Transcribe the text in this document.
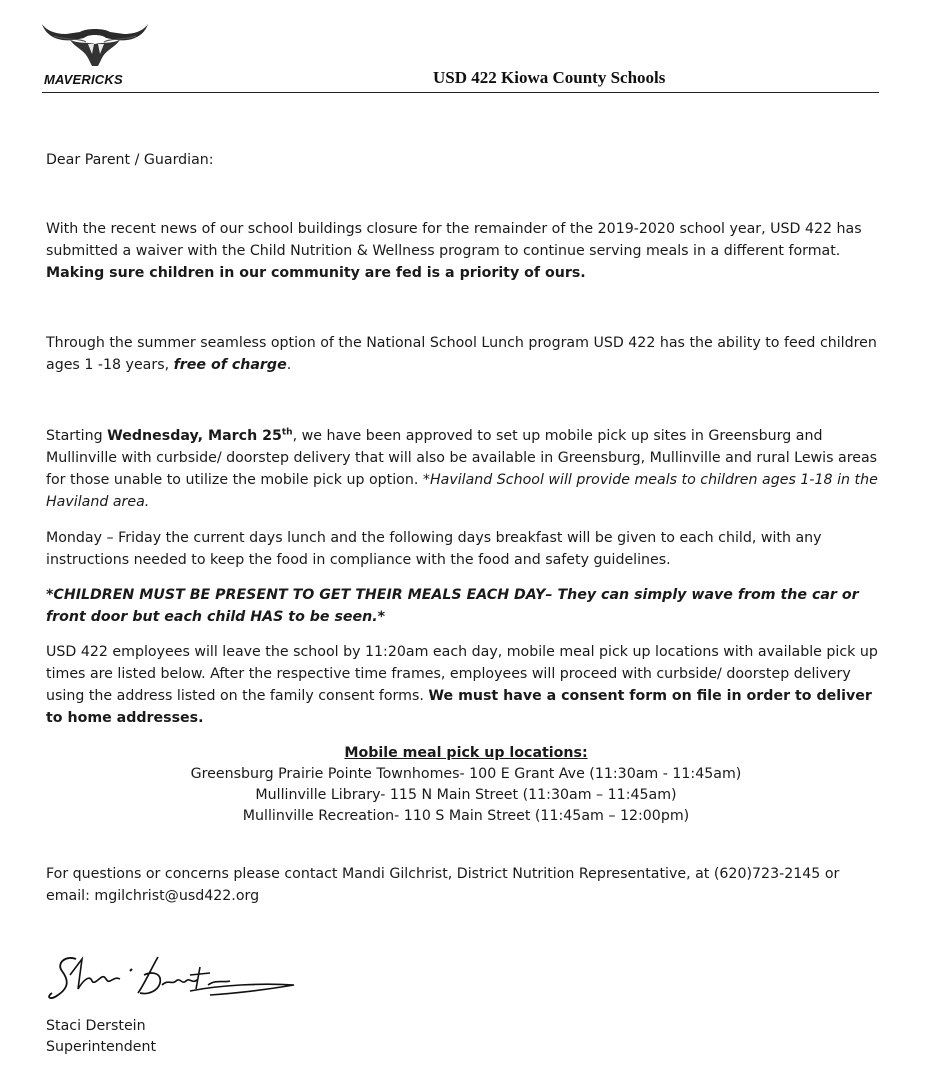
MAVERICKS	USD 422 Kiowa County Schools

Dear Parent / Guardian:

With the recent news of our school buildings closure for the remainder of the 2019-2020 school year, USD 422 has submitted a waiver with the Child Nutrition & Wellness program to continue serving meals in a different format. Making sure children in our community are fed is a priority of ours.

Through the summer seamless option of the National School Lunch program USD 422 has the ability to feed children ages 1 -18 years, free of charge.

Starting Wednesday, March 25th, we have been approved to set up mobile pick up sites in Greensburg and Mullinville with curbside/ doorstep delivery that will also be available in Greensburg, Mullinville and rural Lewis areas for those unable to utilize the mobile pick up option. *Haviland School will provide meals to children ages 1-18 in the Haviland area.

Monday – Friday the current days lunch and the following days breakfast will be given to each child, with any instructions needed to keep the food in compliance with the food and safety guidelines.

*CHILDREN MUST BE PRESENT TO GET THEIR MEALS EACH DAY– They can simply wave from the car or front door but each child HAS to be seen.*

USD 422 employees will leave the school by 11:20am each day, mobile meal pick up locations with available pick up times are listed below. After the respective time frames, employees will proceed with curbside/ doorstep delivery using the address listed on the family consent forms. We must have a consent form on file in order to deliver to home addresses.

Mobile meal pick up locations:
Greensburg Prairie Pointe Townhomes- 100 E Grant Ave (11:30am - 11:45am)
Mullinville Library- 115 N Main Street (11:30am – 11:45am)
Mullinville Recreation- 110 S Main Street (11:45am – 12:00pm)

For questions or concerns please contact Mandi Gilchrist, District Nutrition Representative, at (620)723-2145 or email: mgilchrist@usd422.org

Staci Derstein
Superintendent
